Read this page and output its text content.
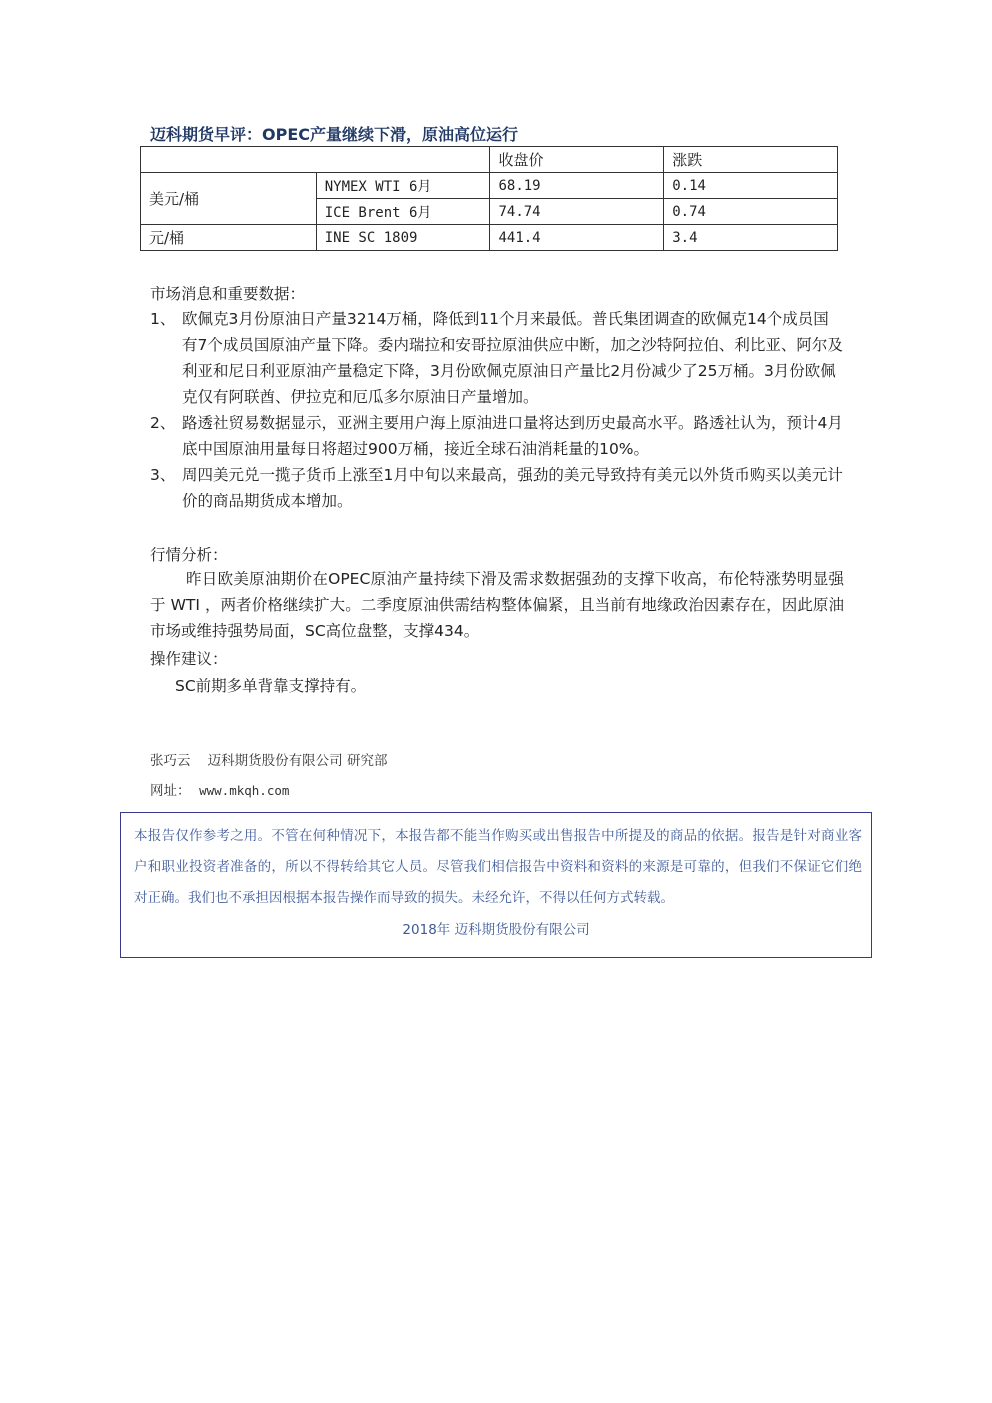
迈科期货早评：OPEC产量继续下滑，原油高位运行
		收盘价	涨跌
美元/桶	NYMEX WTI 6月	68.19	0.14
	ICE Brent 6月	74.74	0.74
元/桶	INE SC 1809	441.4	3.4
市场消息和重要数据：
1、 欧佩克3月份原油日产量3214万桶，降低到11个月来最低。普氏集团调查的欧佩克14个成员国有7个成员国原油产量下降。委内瑞拉和安哥拉原油供应中断，加之沙特阿拉伯、利比亚、阿尔及利亚和尼日利亚原油产量稳定下降，3月份欧佩克原油日产量比2月份减少了25万桶。3月份欧佩克仅有阿联酋、伊拉克和厄瓜多尔原油日产量增加。
2、 路透社贸易数据显示，亚洲主要用户海上原油进口量将达到历史最高水平。路透社认为，预计4月底中国原油用量每日将超过900万桶，接近全球石油消耗量的10%。
3、 周四美元兑一揽子货币上涨至1月中旬以来最高，强劲的美元导致持有美元以外货币购买以美元计价的商品期货成本增加。
行情分析：
昨日欧美原油期价在OPEC原油产量持续下滑及需求数据强劲的支撑下收高，布伦特涨势明显强于 WTI ，两者价格继续扩大。二季度原油供需结构整体偏紧，且当前有地缘政治因素存在，因此原油市场或维持强势局面，SC高位盘整，支撑434。
操作建议：
SC前期多单背靠支撑持有。
张巧云 迈科期货股份有限公司 研究部
网址： www.mkqh.com
本报告仅作参考之用。不管在何种情况下，本报告都不能当作购买或出售报告中所提及的商品的依据。报告是针对商业客户和职业投资者准备的，所以不得转给其它人员。尽管我们相信报告中资料和资料的来源是可靠的，但我们不保证它们绝对正确。我们也不承担因根据本报告操作而导致的损失。未经允许，不得以任何方式转载。
2018年 迈科期货股份有限公司
